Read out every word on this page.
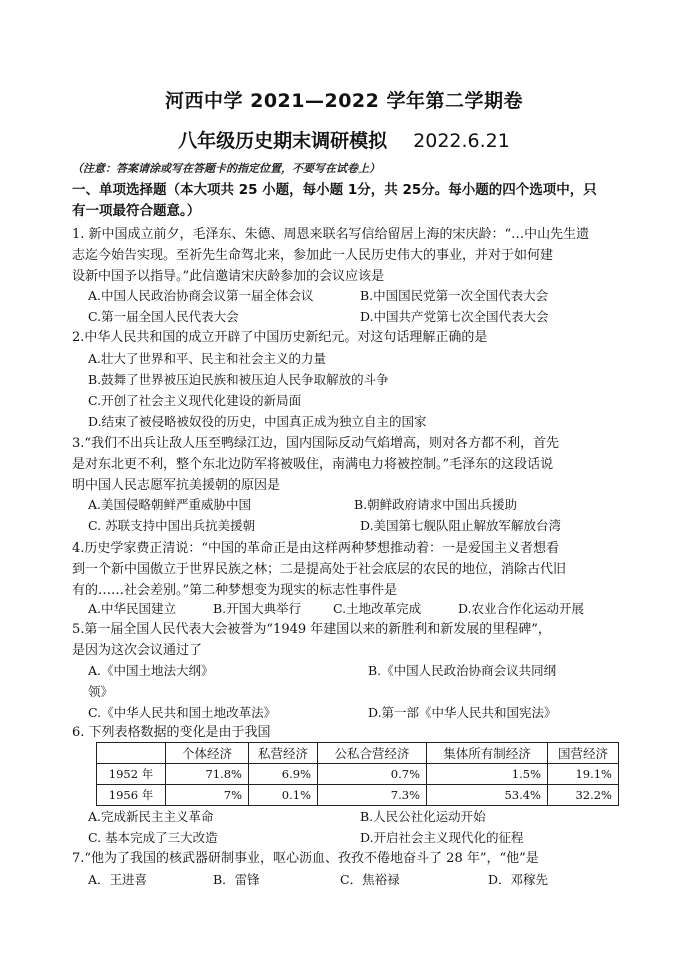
河西中学 2021—2022 学年第二学期卷
八年级历史期末调研模拟 2022.6.21
（注意：答案请涂或写在答题卡的指定位置，不要写在试卷上）

一、单项选择题（本大项共 25 小题，每小题 1分，共 25分。每小题的四个选项中，只

有一项最符合题意。）

1. 新中国成立前夕，毛泽东、朱德、周恩来联名写信给留居上海的宋庆龄：“…中山先生遗

志迄今始告实现。至祈先生命驾北来，参加此一人民历史伟大的事业，并对于如何建

设新中国予以指导。”此信邀请宋庆龄参加的会议应该是

A.中国人民政治协商会议第一届全体会议	B.中国国民党第一次全国代表大会
C.第一届全国人民代表大会	D.中国共产党第七次全国代表大会

2.中华人民共和国的成立开辟了中国历史新纪元。对这句话理解正确的是

A.壮大了世界和平、民主和社会主义的力量
B.鼓舞了世界被压迫民族和被压迫人民争取解放的斗争
C.开创了社会主义现代化建设的新局面
D.结束了被侵略被奴役的历史，中国真正成为独立自主的国家

3.“我们不出兵让敌人压至鸭绿江边，国内国际反动气焰增高，则对各方都不利，首先

是对东北更不利，整个东北边防军将被吸住，南满电力将被控制。”毛泽东的这段话说

明中国人民志愿军抗美援朝的原因是

A.美国侵略朝鲜严重威胁中国	B.朝鲜政府请求中国出兵援助
C. 苏联支持中国出兵抗美援朝	D.美国第七舰队阻止解放军解放台湾

4.历史学家费正清说：“中国的革命正是由这样两种梦想推动着：一是爱国主义者想看

到一个新中国傲立于世界民族之林；二是提高处于社会底层的农民的地位，消除古代旧

有的……社会差别。”第二种梦想变为现实的标志性事件是

A.中华民国建立	B.开国大典举行	C.土地改革完成	D.农业合作化运动开展

5.第一届全国人民代表大会被誉为“1949 年建国以来的新胜利和新发展的里程碑”，

是因为这次会议通过了

A.《中国土地法大纲》	B.《中国人民政治协商会议共同纲
领》
C.《中华人民共和国土地改革法》	D.第一部《中华人民共和国宪法》

6. 下列表格数据的变化是由于我国

	个体经济	私营经济	公私合营经济	集体所有制经济	国营经济
1952 年	71.8%	6.9%	0.7%	1.5%	19.1%
1956 年	7%	0.1%	7.3%	53.4%	32.2%
A.完成新民主主义革命	B.人民公社化运动开始
C. 基本完成了三大改造	D.开启社会主义现代化的征程

7.“他为了我国的核武器研制事业，呕心沥血、孜孜不倦地奋斗了 28 年”，“他”是

A．王进喜	B．雷锋	C．焦裕禄	D．邓稼先
